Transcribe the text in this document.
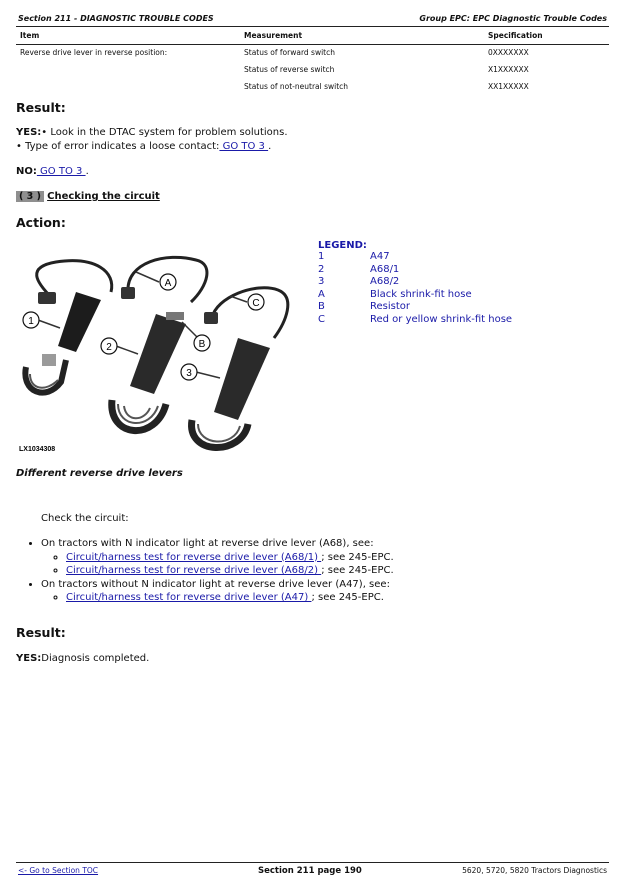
Section 211 - DIAGNOSTIC TROUBLE CODES	Group EPC: EPC Diagnostic Trouble Codes
Item	Measurement	Specification
Reverse drive lever in reverse position:	Status of forward switch	0XXXXXXX
	Status of reverse switch	X1XXXXXX
	Status of not-neutral switch	XX1XXXXX
Result:
YES:• Look in the DTAC system for problem solutions.
• Type of error indicates a loose contact: GO TO 3 .
NO: GO TO 3 .
( 3 ) Checking the circuit
Action:
1
2
3
A
B
C
LX1034308
LEGEND:
1	A47
2	A68/1
3	A68/2
A	Black shrink-fit hose
B	Resistor
C	Red or yellow shrink-fit hose
Different reverse drive levers
Check the circuit:
• On tractors with N indicator light at reverse drive lever (A68), see:
◦ Circuit/harness test for reverse drive lever (A68/1) ; see 245-EPC.
◦ Circuit/harness test for reverse drive lever (A68/2) ; see 245-EPC.
• On tractors without N indicator light at reverse drive lever (A47), see:
◦ Circuit/harness test for reverse drive lever (A47) ; see 245-EPC.
Result:
YES:Diagnosis completed.
<- Go to Section TOC	Section 211 page 190	5620, 5720, 5820 Tractors Diagnostics
